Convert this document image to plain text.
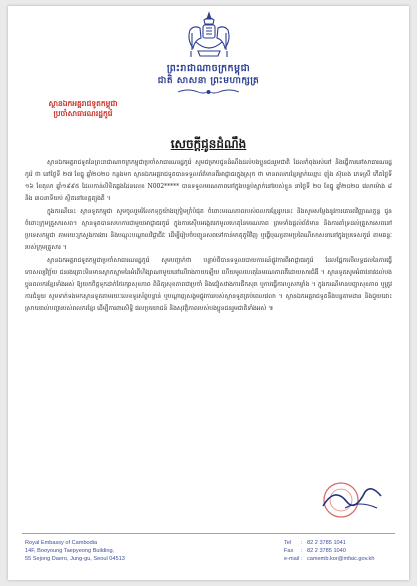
ព្រះរាជាណាចក្រកម្ពុជា
ជាតិ សាសនា ព្រះមហាក្សត្រ
ស្ថានឯកអគ្គរាជទូតកម្ពុជា
ប្រចាំសាធារណរដ្ឋកូរ៉េ
សេចក្ដីជូនដំណឹង

ស្ថានឯកអគ្គរាជទូតនៃព្រះរាជាណាចក្រកម្ពុជាប្រចាំសាធារណរដ្ឋកូរ៉េ សូមជម្រាបជូនដំណឹងដល់បងប្អូនជនរួមជាតិ ដែលកំពុងរស់នៅ និងធ្វើការនៅសាធារណរដ្ឋកូរ៉េ ថា នៅថ្ងៃទី ២៧ ខែធ្នូ ឆ្នាំ២០២០ កន្លងមក ស្ថានឯកអគ្គរាជទូតបានទទួលព័ត៌មានពីអាជ្ញាធរក្នុងស្រុក ថា មានពលករខ្មែរម្នាក់ឈ្មោះ ញ៉ុង ស៊ុខេង ភេទស្រី កើតថ្ងៃទី ១៦ ខែតុលា ឆ្នាំ១៩៩៥ ដែលកាន់លិខិតឆ្លងដែនលេខ N002***** បានទទួលមរណភាពនៅក្នុងបន្ទប់ស្នាក់នៅរបស់ខ្លួន នាថ្ងៃទី ២០ ខែធ្នូ ឆ្នាំ២០២០ វេលាម៉ោង ៨ និង ៣០នាទីយប់ ស្ថិតនៅខេត្តគ្យុងគី ។

ក្នុងករណីនេះ ស្ថានទូតកម្ពុជា សូមចូលរួមរំលែកទុក្ខយ៉ាងក្រៀមក្រំបំផុត ចំពោះមរណភាពរបស់ពលករខ្មែររូបនេះ និងសូមសម្ដែងនូវការគោរពវិញ្ញាណក្ខន្ធ ជូនចំពោះក្រុមគ្រួសារសព។ ស្ថានទូតបានសហការជាមួយអាជ្ញាធរកូរ៉េ ក្នុងការស៊ើបអង្កេតរកមូលហេតុនៃមរណភាព ព្រមទាំងផ្ដល់ព័ត៌មាន និងការគាំទ្រដល់គ្រួសារសពនៅប្រទេសកម្ពុជា តាមរយៈក្រសួងការងារ និងបណ្ដុះបណ្ដាលវិជ្ជាជីវៈ ដើម្បីរៀបចំបញ្ជូនសពទៅកាន់មាតុភូមិវិញ ឬធ្វើបុណ្យតាមប្រពៃណីសាសនានៅក្នុងប្រទេសកូរ៉េ តាមឆន្ទៈរបស់ក្រុមគ្រួសារ ។

ស្ថានឯកអគ្គរាជទូតកម្ពុជាប្រចាំសាធារណរដ្ឋកូរ៉េ សូមបញ្ជាក់ថា បន្ទាប់ពីបានទទួលរបាយការណ៍ផ្លូវការពីអាជ្ញាធរកូរ៉េ ដែលផ្អែកលើលទ្ធផលនៃការធ្វើកោសល្យវិច្ឆ័យ ជនរងគ្រោះមិនមានស្លាកស្នាមនៃអំពើហិង្សាណាមួយនៅលើរាងកាយឡើយ ហើយមូលហេតុនៃមរណភាពគឺដោយសារជំងឺ ។ ស្ថានទូតសូមអំពាវនាវដល់បងប្អូនពលករខ្មែរទាំងអស់ ឱ្យយកចិត្តទុកដាក់ថែរក្សាសុខភាព ពិនិត្យសុខភាពជាប្រចាំ និងជៀសវាងការផឹកសុរា ឬការធ្វើការហួសកម្លាំង ។ ក្នុងករណីមានបញ្ហាសុខភាព ឬត្រូវការជំនួយ សូមទាក់ទងមកស្ថានទូតតាមរយៈលេខទូរស័ព្ទបន្ទាន់ ឬបណ្ដាញសង្គមផ្លូវការរបស់ស្ថានទូតគ្រប់ពេលវេលា ។ ស្ថានឯកអគ្គរាជទូតនឹងបន្តតាមដាន និងជួយដោះស្រាយរាល់បញ្ហារបស់ពលករខ្មែរ ដើម្បីការពារសិទ្ធិ ផលប្រយោជន៍ និងសុវត្ថិភាពរបស់បងប្អូនជនរួមជាតិទាំងអស់ ៕

Royal Embassy of Cambodia
14F, Booyoung Taepyeong Building,
55 Sejong Daero, Jung-gu, Seoul 04513
Tel	: 82 2 3785 1041
Fax	: 82 2 3785 1040
e-mail : camemb.kor@mfaic.gov.kh
